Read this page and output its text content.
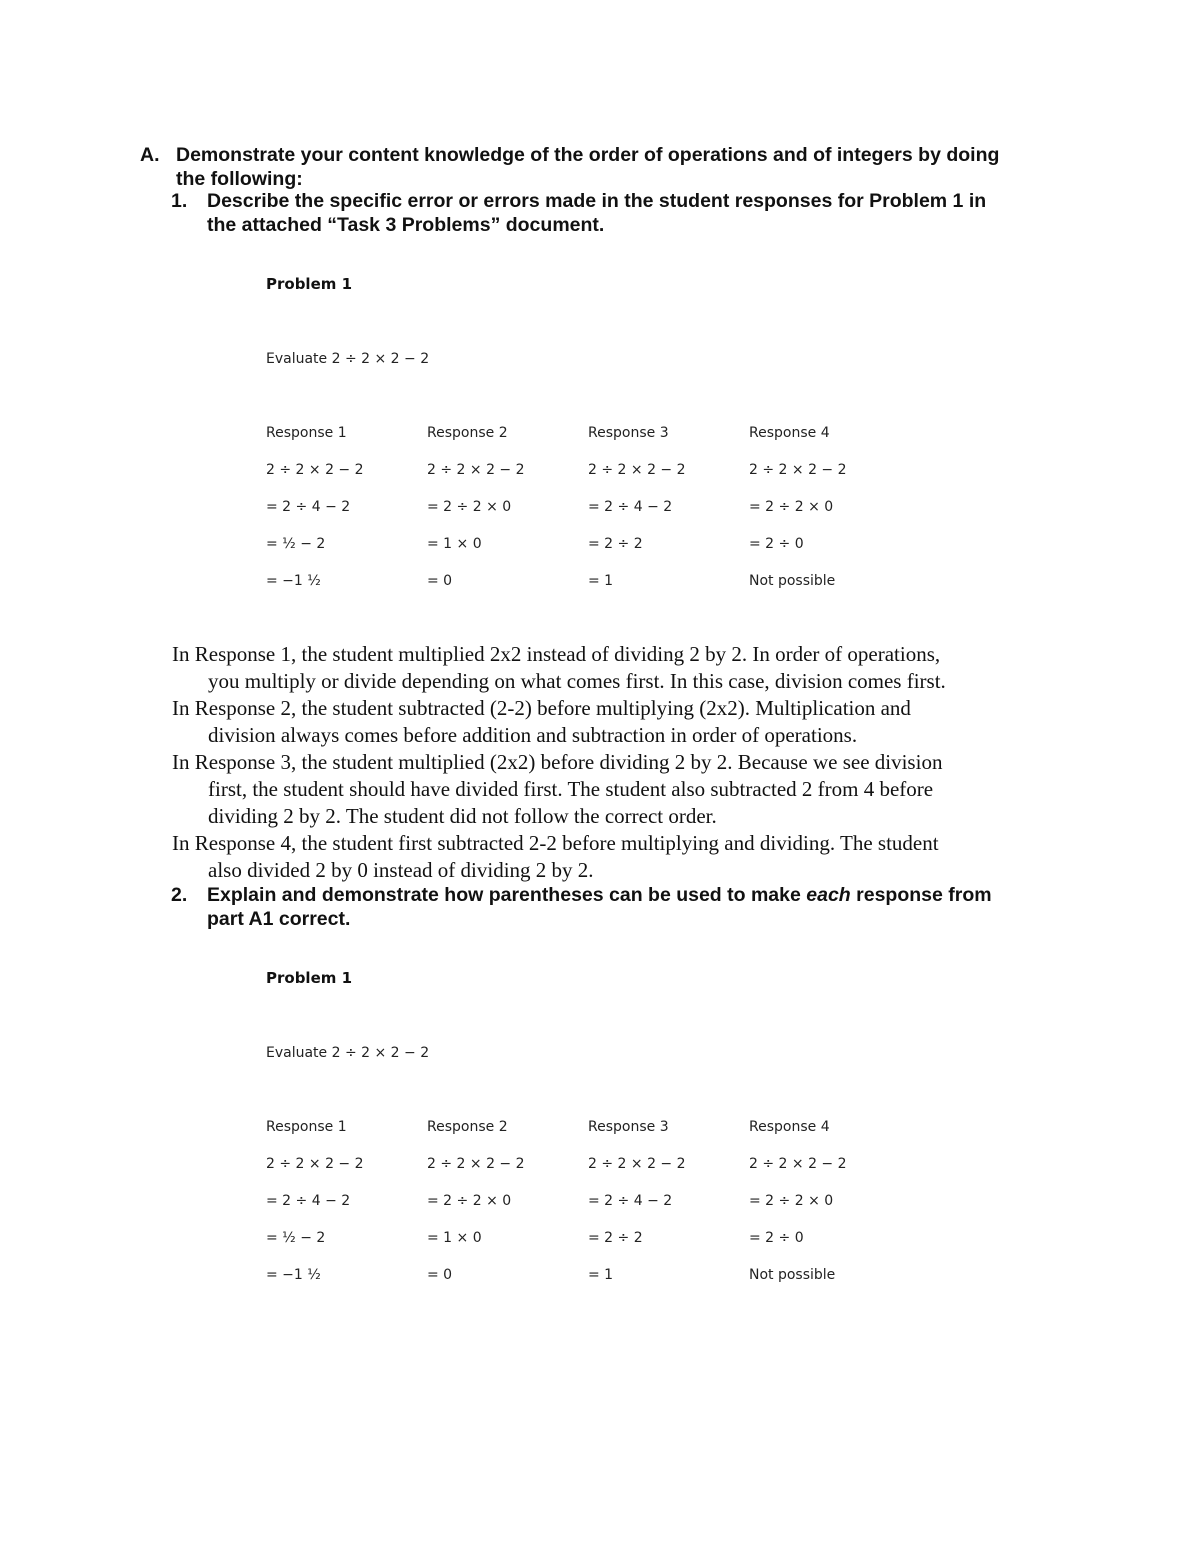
A. Demonstrate your content knowledge of the order of operations and of integers by doing
the following:
1.	Describe the specific error or errors made in the student responses for Problem 1 in
the attached “Task 3 Problems” document.
Problem 1
Evaluate 2 ÷ 2 × 2 − 2
Response 1	Response 2	Response 3	Response 4
2 ÷ 2 × 2 − 2	2 ÷ 2 × 2 − 2	2 ÷ 2 × 2 − 2	2 ÷ 2 × 2 − 2
= 2 ÷ 4 − 2	= 2 ÷ 2 × 0	= 2 ÷ 4 − 2	= 2 ÷ 2 × 0
= ½ − 2	= 1 × 0	= 2 ÷ 2	= 2 ÷ 0
= −1 ½	= 0	= 1	Not possible

In Response 1, the student multiplied 2x2 instead of dividing 2 by 2. In order of operations,
you multiply or divide depending on what comes first. In this case, division comes first.

In Response 2, the student subtracted (2-2) before multiplying (2x2). Multiplication and
division always comes before addition and subtraction in order of operations.

In Response 3, the student multiplied (2x2) before dividing 2 by 2. Because we see division
first, the student should have divided first. The student also subtracted 2 from 4 before
dividing 2 by 2. The student did not follow the correct order.

In Response 4, the student first subtracted 2-2 before multiplying and dividing. The student
also divided 2 by 0 instead of dividing 2 by 2.

2.	Explain and demonstrate how parentheses can be used to make each response from
part A1 correct.
Problem 1
Evaluate 2 ÷ 2 × 2 − 2
Response 1	Response 2	Response 3	Response 4
2 ÷ 2 × 2 − 2	2 ÷ 2 × 2 − 2	2 ÷ 2 × 2 − 2	2 ÷ 2 × 2 − 2
= 2 ÷ 4 − 2	= 2 ÷ 2 × 0	= 2 ÷ 4 − 2	= 2 ÷ 2 × 0
= ½ − 2	= 1 × 0	= 2 ÷ 2	= 2 ÷ 0
= −1 ½	= 0	= 1	Not possible
